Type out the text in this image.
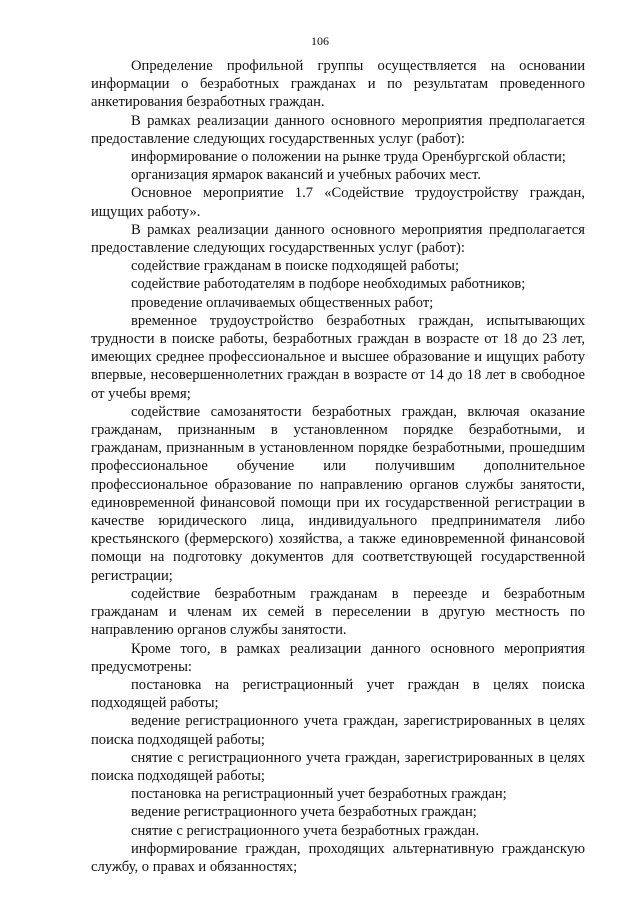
106

Определение профильной группы осуществляется на основании информации о безработных гражданах и по результатам проведенного анкетирования безработных граждан.

В рамках реализации данного основного мероприятия предполагается предоставление следующих государственных услуг (работ):

информирование о положении на рынке труда Оренбургской области;

организация ярмарок вакансий и учебных рабочих мест.

Основное мероприятие 1.7 «Содействие трудоустройству граждан, ищущих работу».

В рамках реализации данного основного мероприятия предполагается предоставление следующих государственных услуг (работ):

содействие гражданам в поиске подходящей работы;

содействие работодателям в подборе необходимых работников;

проведение оплачиваемых общественных работ;

временное трудоустройство безработных граждан, испытывающих трудности в поиске работы, безработных граждан в возрасте от 18 до 23 лет, имеющих среднее профессиональное и высшее образование и ищущих работу впервые, несовершеннолетних граждан в возрасте от 14 до 18 лет в свободное от учебы время;

содействие самозанятости безработных граждан, включая оказание гражданам, признанным в установленном порядке безработными, и гражданам, признанным в установленном порядке безработными, прошедшим профессиональное обучение или получившим дополнительное профессиональное образование по направлению органов службы занятости, единовременной финансовой помощи при их государственной регистрации в качестве юридического лица, индивидуального предпринимателя либо крестьянского (фермерского) хозяйства, а также единовременной финансовой помощи на подготовку документов для соответствующей государственной регистрации;

содействие безработным гражданам в переезде и безработным гражданам и членам их семей в переселении в другую местность по направлению органов службы занятости.

Кроме того, в рамках реализации данного основного мероприятия предусмотрены:

постановка на регистрационный учет граждан в целях поиска подходящей работы;

ведение регистрационного учета граждан, зарегистрированных в целях поиска подходящей работы;

снятие с регистрационного учета граждан, зарегистрированных в целях поиска подходящей работы;

постановка на регистрационный учет безработных граждан;

ведение регистрационного учета безработных граждан;

снятие с регистрационного учета безработных граждан.

информирование граждан, проходящих альтернативную гражданскую службу, о правах и обязанностях;
